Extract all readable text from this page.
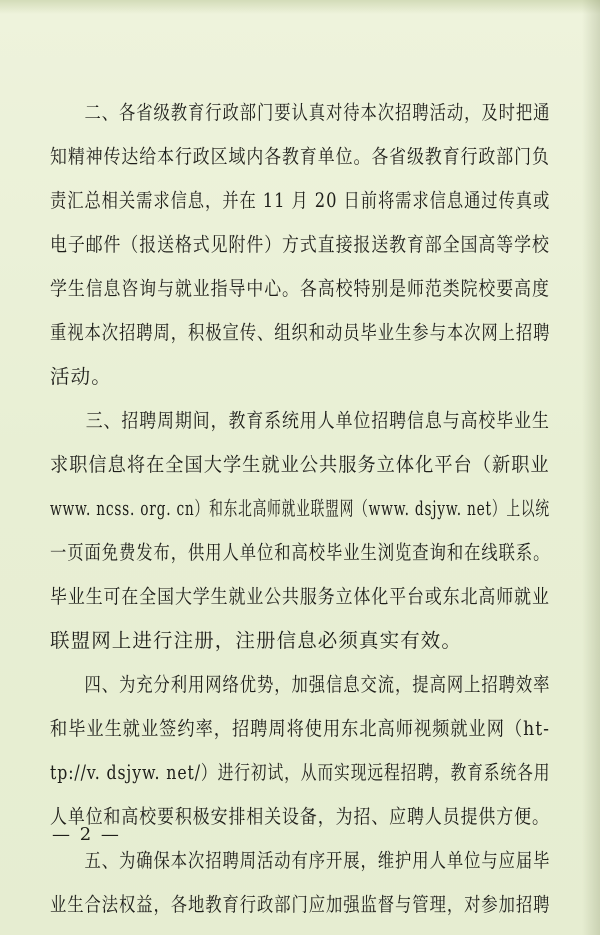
　　二、各省级教育行政部门要认真对待本次招聘活动，及时把通
知精神传达给本行政区域内各教育单位。各省级教育行政部门负
责汇总相关需求信息，并在 11 月 20 日前将需求信息通过传真或
电子邮件（报送格式见附件）方式直接报送教育部全国高等学校
学生信息咨询与就业指导中心。各高校特别是师范类院校要高度
重视本次招聘周，积极宣传、组织和动员毕业生参与本次网上招聘
活动。
　　三、招聘周期间，教育系统用人单位招聘信息与高校毕业生
求职信息将在全国大学生就业公共服务立体化平台（新职业
www. ncss. org. cn）和东北高师就业联盟网（www. dsjyw. net）上以统
一页面免费发布，供用人单位和高校毕业生浏览查询和在线联系。
毕业生可在全国大学生就业公共服务立体化平台或东北高师就业
联盟网上进行注册，注册信息必须真实有效。
　　四、为充分利用网络优势，加强信息交流，提高网上招聘效率
和毕业生就业签约率，招聘周将使用东北高师视频就业网（ht-
tp://v. dsjyw. net/）进行初试，从而实现远程招聘，教育系统各用
人单位和高校要积极安排相关设备，为招、应聘人员提供方便。
　　五、为确保本次招聘周活动有序开展，维护用人单位与应届毕
业生合法权益，各地教育行政部门应加强监督与管理，对参加招聘
— 2 —
